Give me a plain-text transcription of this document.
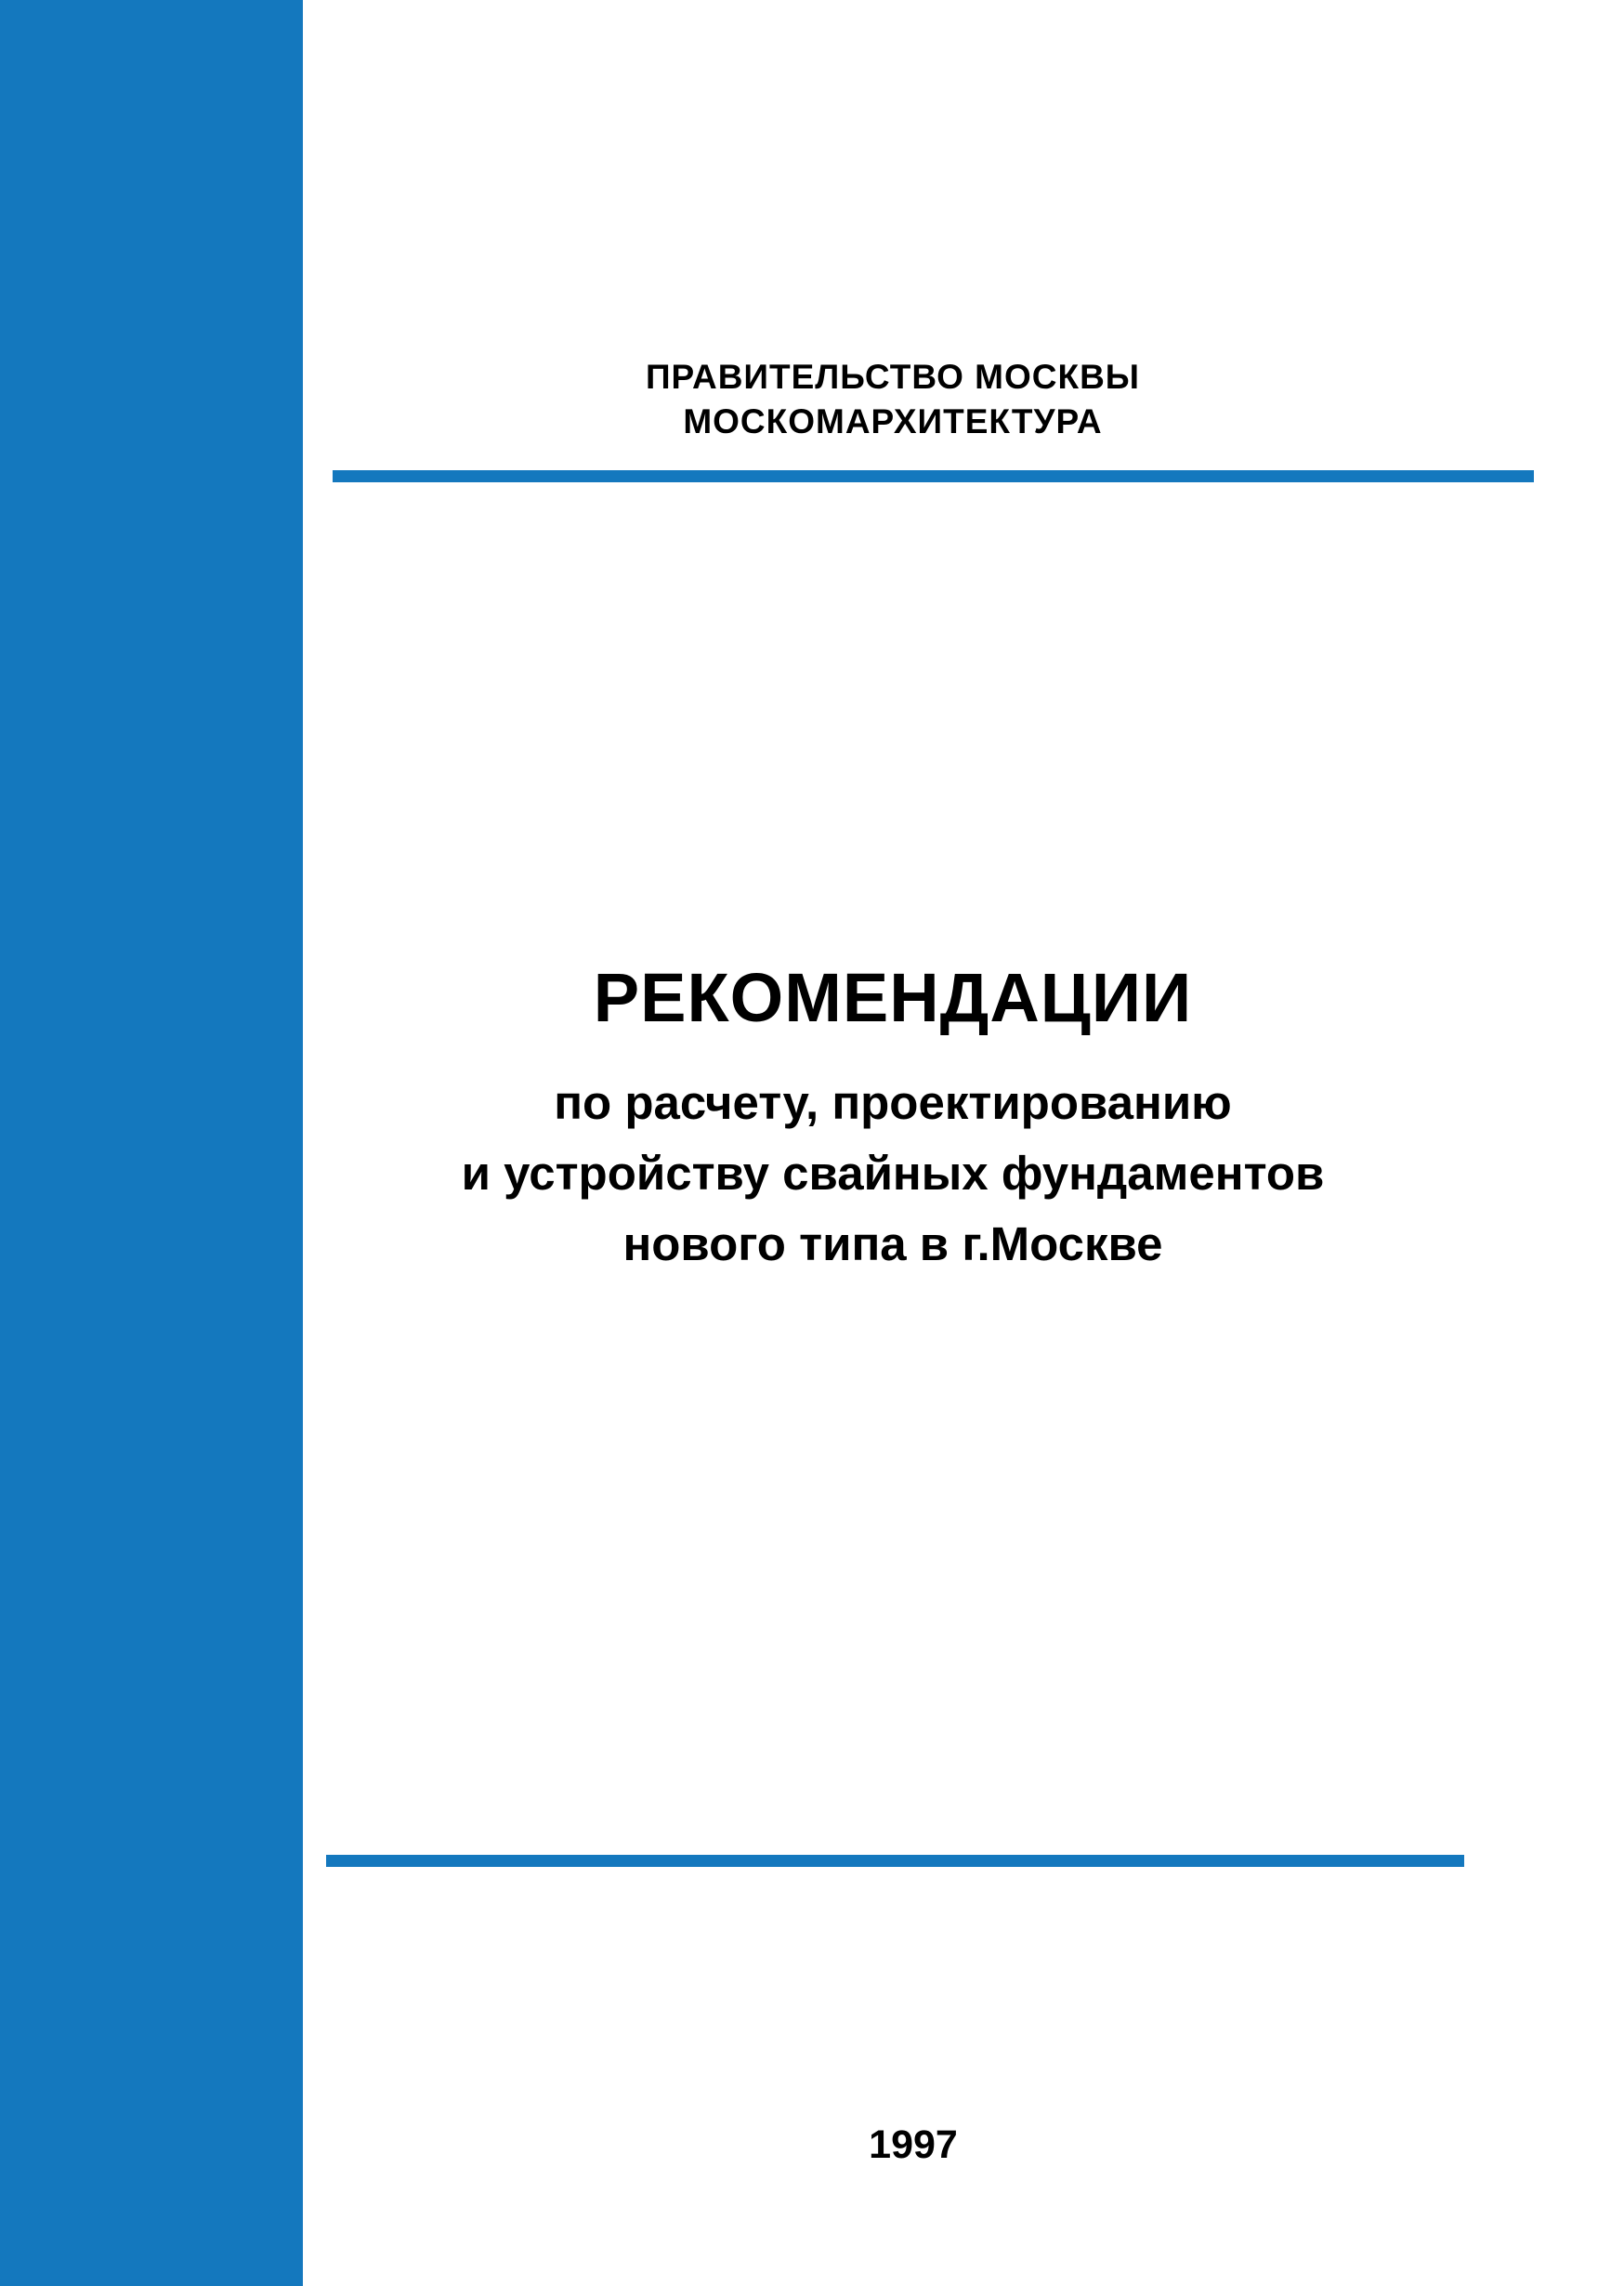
ПРАВИТЕЛЬСТВО МОСКВЫ
МОСКОМАРХИТЕКТУРА
РЕКОМЕНДАЦИИ
по расчету, проектированию
и устройству свайных фундаментов
нового типа в г.Москве
1997
